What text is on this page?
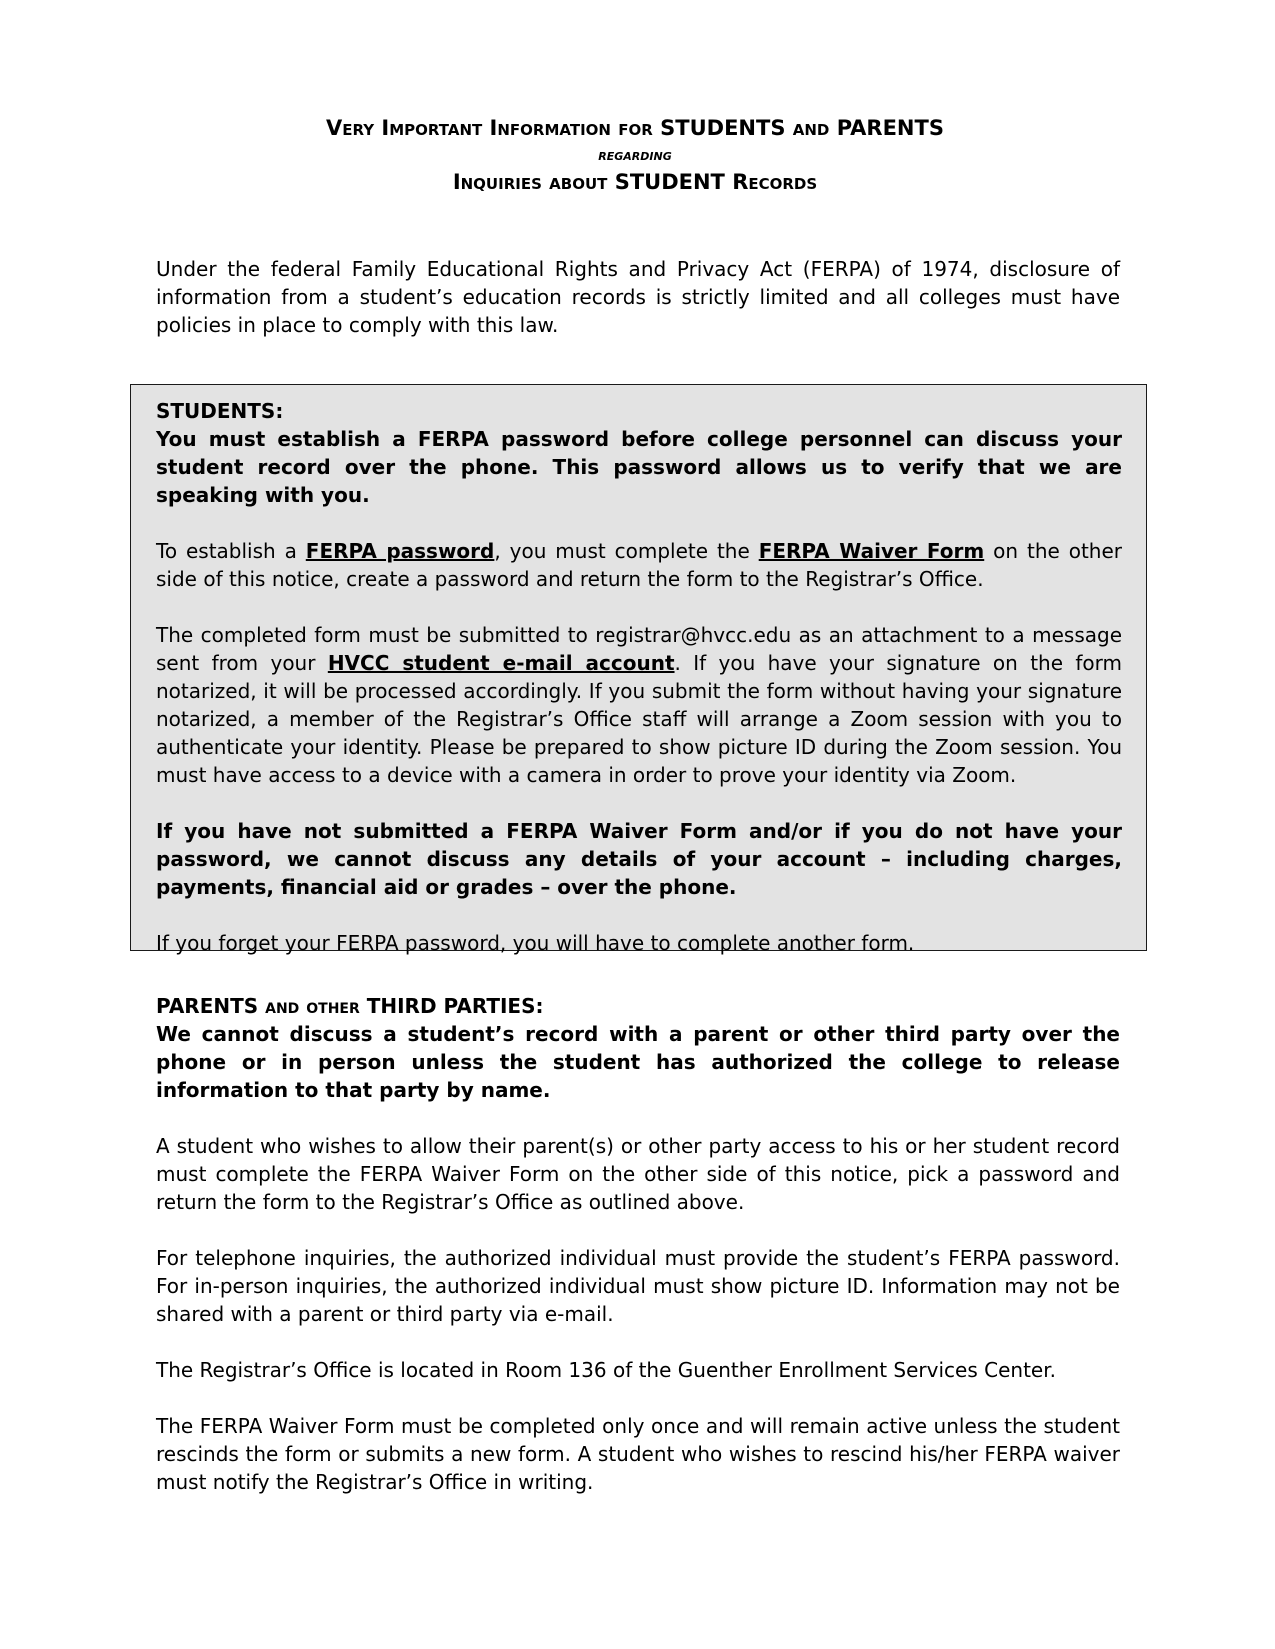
Very Important Information for STUDENTS and PARENTS
regarding
Inquiries about STUDENT Records

Under the federal Family Educational Rights and Privacy Act (FERPA) of 1974, disclosure of information from a student’s education records is strictly limited and all colleges must have policies in place to comply with this law.

STUDENTS:
You must establish a FERPA password before college personnel can discuss your student record over the phone. This password allows us to verify that we are speaking with you.

To establish a FERPA password, you must complete the FERPA Waiver Form on the other side of this notice, create a password and return the form to the Registrar’s Office.

The completed form must be submitted to registrar@hvcc.edu as an attachment to a message sent from your HVCC student e-mail account. If you have your signature on the form notarized, it will be processed accordingly. If you submit the form without having your signature notarized, a member of the Registrar’s Office staff will arrange a Zoom session with you to authenticate your identity. Please be prepared to show picture ID during the Zoom session. You must have access to a device with a camera in order to prove your identity via Zoom.

If you have not submitted a FERPA Waiver Form and/or if you do not have your password, we cannot discuss any details of your account – including charges, payments, financial aid or grades – over the phone.

If you forget your FERPA password, you will have to complete another form.

PARENTS and other THIRD PARTIES:
We cannot discuss a student’s record with a parent or other third party over the phone or in person unless the student has authorized the college to release information to that party by name.

A student who wishes to allow their parent(s) or other party access to his or her student record must complete the FERPA Waiver Form on the other side of this notice, pick a password and return the form to the Registrar’s Office as outlined above.

For telephone inquiries, the authorized individual must provide the student’s FERPA password. For in-person inquiries, the authorized individual must show picture ID. Information may not be shared with a parent or third party via e-mail.

The Registrar’s Office is located in Room 136 of the Guenther Enrollment Services Center.

The FERPA Waiver Form must be completed only once and will remain active unless the student rescinds the form or submits a new form. A student who wishes to rescind his/her FERPA waiver must notify the Registrar’s Office in writing.
